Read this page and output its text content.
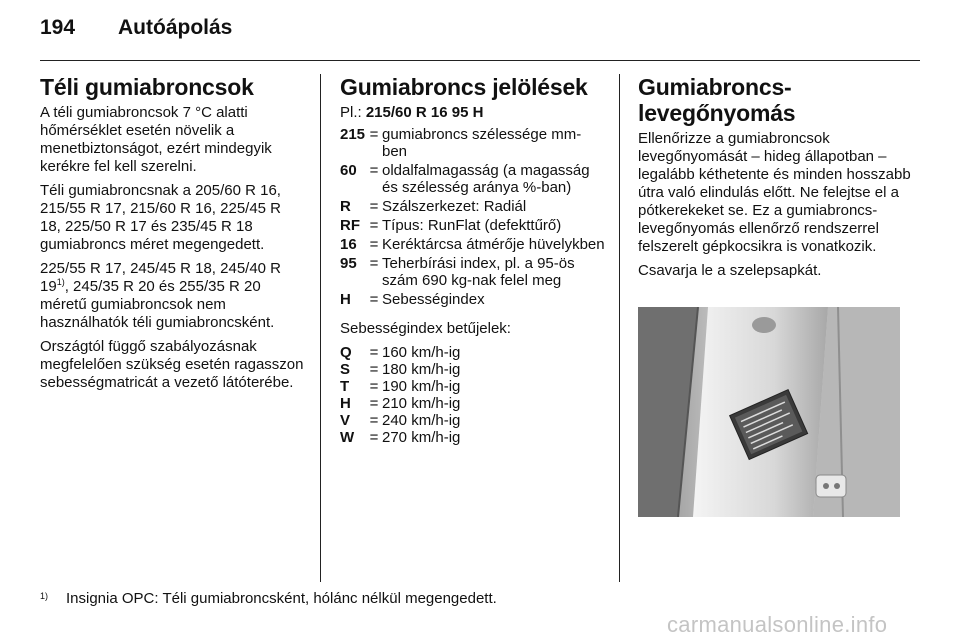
194 Autóápolás
Téli gumiabroncsok

A téli gumiabroncsok 7 °C alatti hőmérséklet esetén növelik a menetbiztonságot, ezért mindegyik kerékre fel kell szerelni.

Téli gumiabroncsnak a 205/60 R 16, 215/55 R 17, 215/60 R 16, 225/45 R 18, 225/50 R 17 és 235/45 R 18 gumiabroncs méret megengedett.

225/55 R 17, 245/45 R 18, 245/40 R 19$^{1)}$, 245/35 R 20 és 255/35 R 20 méretű gumiabroncsok nem használhatók téli gumiabroncsként.

Országtól függő szabályozásnak megfelelően szükség esetén ragasszon sebességmatricát a vezető látóterébe.

Gumiabroncs jelölések
Pl.: 215/60 R 16 95 H
215 = gumiabroncs szélessége mm-ben
60 = oldalfalmagasság (a magasság és szélesség aránya %-ban)
R	= Szálszerkezet: Radiál
RF = Típus: RunFlat (defekttűrő)
16 = Keréktárcsa átmérője hüvelykben
95 = Teherbírási index, pl. a 95-ös szám 690 kg-nak felel meg
H	= Sebességindex
Sebességindex betűjelek:
Q	= 160 km/h-ig
S	= 180 km/h-ig
T	= 190 km/h-ig
H	= 210 km/h-ig
V	= 240 km/h-ig
W	= 270 km/h-ig
Gumiabroncs-levegőnyomás

Ellenőrizze a gumiabroncsok levegőnyomását – hideg állapotban – legalább kéthetente és minden hosszabb útra való elindulás előtt. Ne felejtse el a pótkerekeket se. Ez a gumiabroncs-levegőnyomás ellenőrző rendszerrel felszerelt gépkocsikra is vonatkozik.

Csavarja le a szelepsapkát.

1) Insignia OPC: Téli gumiabroncsként, hólánc nélkül megengedett.
carmanualsonline.info
